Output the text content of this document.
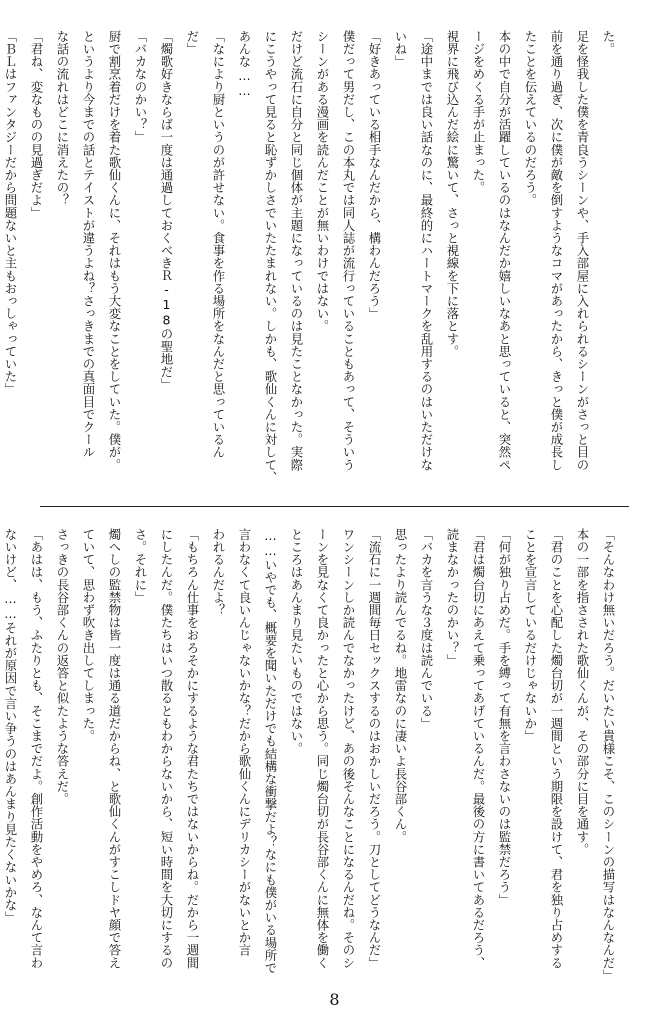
た。
足を怪我した僕を青良うシーンや、手入部屋に入れられるシーンがさっと目の
前を通り過ぎ、次に僕が敵を倒すようなコマがあったから、きっと僕が成長し
たことを伝えているのだろう。
本の中で自分が活躍しているのはなんだか嬉しいなあと思っていると、突然ペ
ージをめくる手が止まった。
視界に飛び込んだ絵に驚いて、さっと視線を下に落とす。
「途中までは良い話なのに、最終的にハートマークを乱用するのはいただけな
いね」
「好きあっている相手なんだから、構わんだろう」
僕だって男だし、この本丸では同人誌が流行っていることもあって、そういう
シーンがある漫画を読んだことが無いわけではない。
だけど流石に自分と同じ個体が主題になっているのは見たことなかった。実際
にこうやって見ると恥ずかしさでいたたまれない。しかも、歌仙くんに対して、
あんな……
「なにより厨というのが許せない。食事を作る場所をなんだと思っているん
だ」
「燭歌好きならば一度は通過しておくべきＲ-18の聖地だ」
「バカなのかい？」
厨で割烹着だけを着た歌仙くんに、それはもう大変なことをしていた。僕が。
というより今までの話とテイストが違うよね？さっきまでの真面目でクール
な話の流れはどこに消えたの？
「君ね、変なものの見過ぎだよ」
「ＢＬはファンタジーだから問題ないと主もおっしゃっていた」
「そんなわけ無いだろう。だいたい貴様こそ、このシーンの描写はなんなんだ」
本の一部を指さされた歌仙くんが、その部分に目を通す。
「君のことを心配した燭台切が一週間という期限を設けて、君を独り占めする
ことを宣言しているだけじゃないか」
「何が独り占めだ。手を縛って有無を言わさないのは監禁だろう」
「君は燭台切にあえて乗ってあげているんだ。最後の方に書いてあるだろう、
読まなかったのかい？」
「バカを言うな３度は読んでいる」
思ったより読んでるね。地雷なのに凄いよ長谷部くん。
「流石に一週間毎日セックスするのはおかしいだろう。刀としてどうなんだ」
ワンシーンしか読んでなかったけど、あの後そんなことになるんだね。そのシ
ーンを見なくて良かったと心から思う。同じ燭台切が長谷部くんに無体を働く
ところはあんまり見たいものではない。
……いやでも、概要を聞いただけでも結構な衝撃だよ？なにも僕がいる場所で
言わなくて良いんじゃないかな？だから歌仙くんにデリカシーがないとか言
われるんだよ？
「もちろん仕事をおろそかにするような君たちではないからね。だから一週間
にしたんだ。僕たちはいつ散るともわからないから、短い時間を大切にするの
さ。それに」
燭へしの監禁物は皆一度は通る道だからね、と歌仙くんがすこしドヤ顔で答え
ていて、思わず吹き出してしまった。
さっきの長谷部くんの返答と似たような答えだ。
「あはは、もう、ふたりとも、そこまでだよ。創作活動をやめろ、なんて言わ
ないけど、……それが原因で言い争うのはあんまり見たくないかな」
8
